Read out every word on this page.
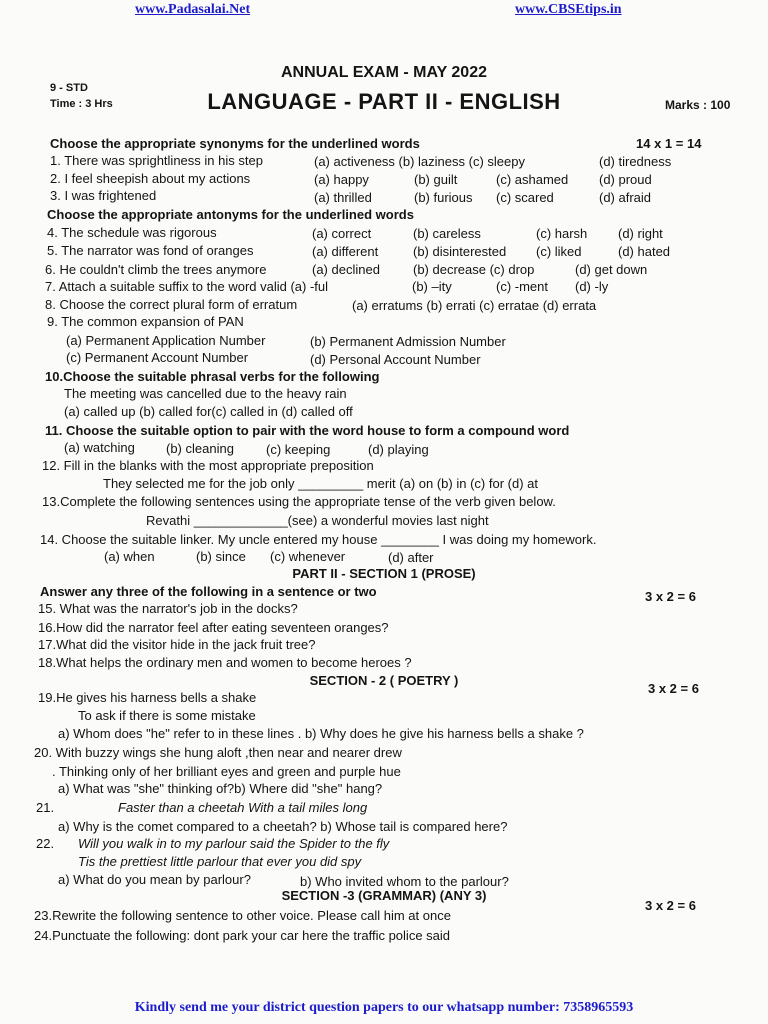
www.Padasalai.Net	www.CBSEtips.in
ANNUAL EXAM - MAY 2022
9 - STD
Time : 3 Hrs	LANGUAGE - PART II - ENGLISH	Marks : 100
Choose the appropriate synonyms for the underlined words	14 x 1 = 14
1. There was sprightliness in his step	(a) activeness (b) laziness (c) sleepy	(d) tiredness
2. I feel sheepish about my actions	(a) happy	(b) guilt	(c) ashamed (d) proud
3. I was frightened	(a) thrilled	(b) furious (c) scared	(d) afraid
Choose the appropriate antonyms for the underlined words
4. The schedule was rigorous	(a) correct	(b) careless	(c) harsh (d) right
5. The narrator was fond of oranges	(a) different	(b) disinterested (c) liked	(d) hated
6. He couldn't climb the trees anymore	(a) declined	(b) decrease (c) drop	(d) get down
7. Attach a suitable suffix to the word valid (a) -ful	(b) –ity	(c) -ment (d) -ly
8. Choose the correct plural form of erratum	(a) erratums (b) errati (c) erratae (d) errata
9. The common expansion of PAN
(a) Permanent Application Number	(b) Permanent Admission Number
(c) Permanent Account Number	(d) Personal Account Number
10.Choose the suitable phrasal verbs for the following
The meeting was cancelled due to the heavy rain
(a) called up (b) called for(c) called in (d) called off
11. Choose the suitable option to pair with the word house to form a compound word
(a) watching (b) cleaning (c) keeping	(d) playing
12. Fill in the blanks with the most appropriate preposition
They selected me for the job only _________ merit (a) on (b) in (c) for (d) at
13.Complete the following sentences using the appropriate tense of the verb given below.
Revathi _____________(see) a wonderful movies last night
14. Choose the suitable linker. My uncle entered my house ________ I was doing my homework.
(a) when	(b) since (c) whenever	(d) after
PART II - SECTION 1 (PROSE)
Answer any three of the following in a sentence or two	3 x 2 = 6
15. What was the narrator's job in the docks?
16.How did the narrator feel after eating seventeen oranges?
17.What did the visitor hide in the jack fruit tree?
18.What helps the ordinary men and women to become heroes ?
SECTION - 2 ( POETRY )
3 x 2 = 6
19.He gives his harness bells a shake
To ask if there is some mistake
a) Whom does "he" refer to in these lines . b) Why does he give his harness bells a shake ?
20. With buzzy wings she hung aloft ,then near and nearer drew
. Thinking only of her brilliant eyes and green and purple hue
a) What was "she" thinking of?b) Where did "she" hang?
21.	Faster than a cheetah With a tail miles long
a) Why is the comet compared to a cheetah? b) Whose tail is compared here?
22. Will you walk in to my parlour said the Spider to the fly
Tis the prettiest little parlour that ever you did spy
a) What do you mean by parlour?	b) Who invited whom to the parlour?
SECTION -3 (GRAMMAR) (ANY 3)
3 x 2 = 6
23.Rewrite the following sentence to other voice. Please call him at once
24.Punctuate the following: dont park your car here the traffic police said
Kindly send me your district question papers to our whatsapp number: 7358965593
